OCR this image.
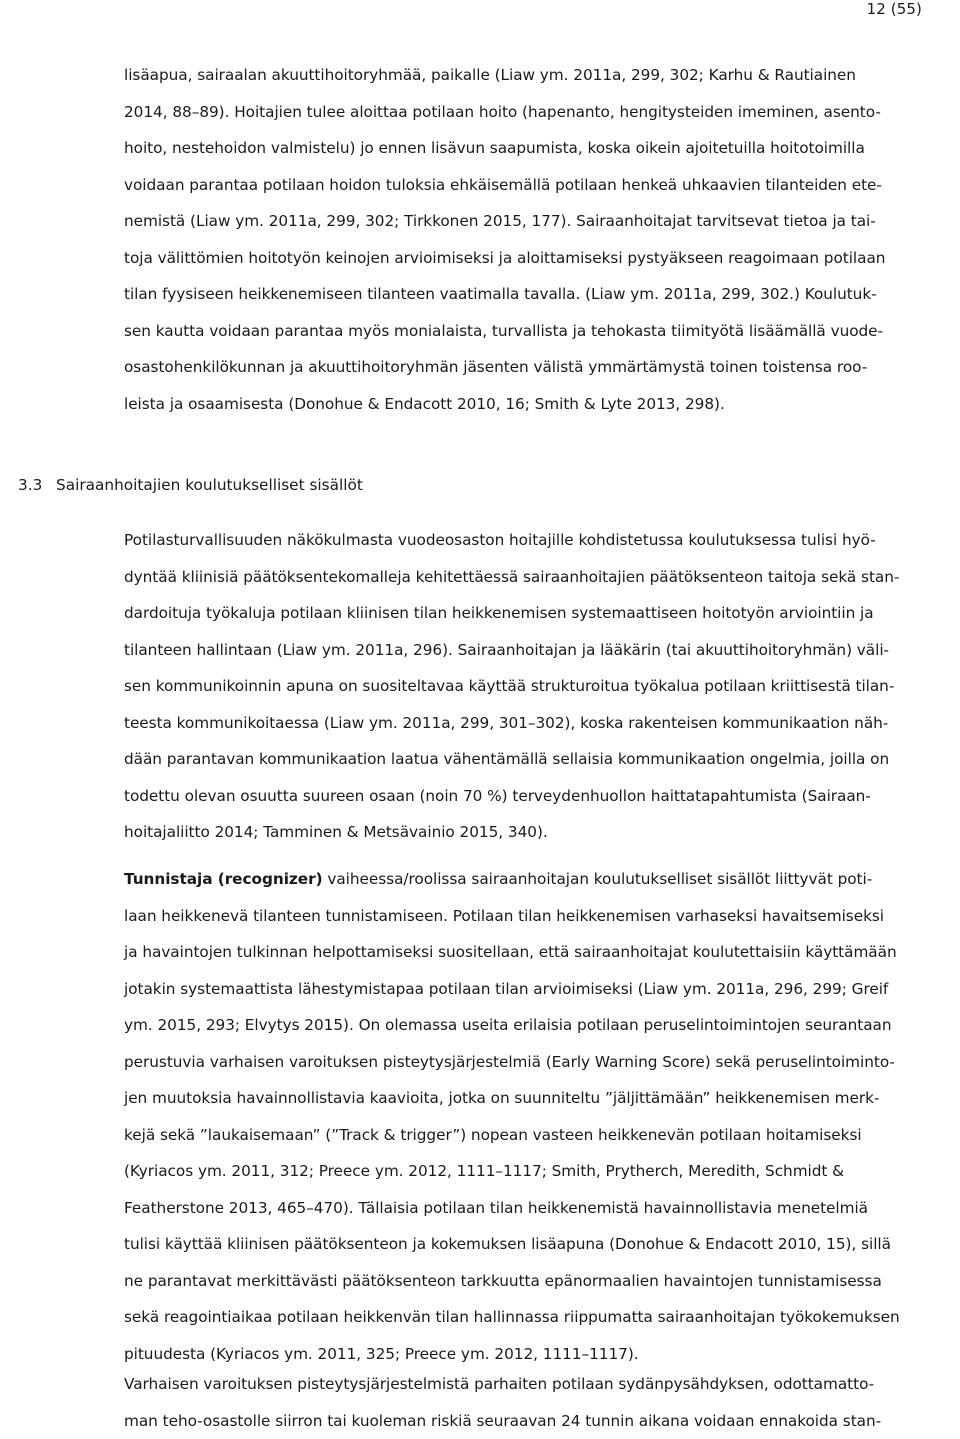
12 (55)
lisäapua, sairaalan akuuttihoitoryhmää, paikalle (Liaw ym. 2011a, 299, 302; Karhu & Rautiainen
2014, 88–89). Hoitajien tulee aloittaa potilaan hoito (hapenanto, hengitysteiden imeminen, asento-
hoito, nestehoidon valmistelu) jo ennen lisävun saapumista, koska oikein ajoitetuilla hoitotoimilla
voidaan parantaa potilaan hoidon tuloksia ehkäisemällä potilaan henkeä uhkaavien tilanteiden ete-
nemistä (Liaw ym. 2011a, 299, 302; Tirkkonen 2015, 177). Sairaanhoitajat tarvitsevat tietoa ja tai-
toja välittömien hoitotyön keinojen arvioimiseksi ja aloittamiseksi pystyäkseen reagoimaan potilaan
tilan fyysiseen heikkenemiseen tilanteen vaatimalla tavalla. (Liaw ym. 2011a, 299, 302.) Koulutuk-
sen kautta voidaan parantaa myös monialaista, turvallista ja tehokasta tiimityötä lisäämällä vuode-
osastohenkilökunnan ja akuuttihoitoryhmän jäsenten välistä ymmärtämystä toinen toistensa roo-
leista ja osaamisesta (Donohue & Endacott 2010, 16; Smith & Lyte 2013, 298).
3.3 Sairaanhoitajien koulutukselliset sisällöt
Potilasturvallisuuden näkökulmasta vuodeosaston hoitajille kohdistetussa koulutuksessa tulisi hyö-
dyntää kliinisiä päätöksentekomalleja kehitettäessä sairaanhoitajien päätöksenteon taitoja sekä stan-
dardoituja työkaluja potilaan kliinisen tilan heikkenemisen systemaattiseen hoitotyön arviointiin ja
tilanteen hallintaan (Liaw ym. 2011a, 296). Sairaanhoitajan ja lääkärin (tai akuuttihoitoryhmän) väli-
sen kommunikoinnin apuna on suositeltavaa käyttää strukturoitua työkalua potilaan kriittisestä tilan-
teesta kommunikoitaessa (Liaw ym. 2011a, 299, 301–302), koska rakenteisen kommunikaation näh-
dään parantavan kommunikaation laatua vähentämällä sellaisia kommunikaation ongelmia, joilla on
todettu olevan osuutta suureen osaan (noin 70 %) terveydenhuollon haittatapahtumista (Sairaan-
hoitajaliitto 2014; Tamminen & Metsävainio 2015, 340).
Tunnistaja (recognizer) vaiheessa/roolissa sairaanhoitajan koulutukselliset sisällöt liittyvät poti-
laan heikkenevä tilanteen tunnistamiseen. Potilaan tilan heikkenemisen varhaseksi havaitsemiseksi
ja havaintojen tulkinnan helpottamiseksi suositellaan, että sairaanhoitajat koulutettaisiin käyttämään
jotakin systemaattista lähestymistapaa potilaan tilan arvioimiseksi (Liaw ym. 2011a, 296, 299; Greif
ym. 2015, 293; Elvytys 2015). On olemassa useita erilaisia potilaan peruselintoimintojen seurantaan
perustuvia varhaisen varoituksen pisteytysjärjestelmiä (Early Warning Score) sekä peruselintoiminto-
jen muutoksia havainnollistavia kaavioita, jotka on suunniteltu ”jäljittämään” heikkenemisen merk-
kejä sekä ”laukaisemaan” (”Track & trigger”) nopean vasteen heikkenevän potilaan hoitamiseksi
(Kyriacos ym. 2011, 312; Preece ym. 2012, 1111–1117; Smith, Prytherch, Meredith, Schmidt &
Featherstone 2013, 465–470). Tällaisia potilaan tilan heikkenemistä havainnollistavia menetelmiä
tulisi käyttää kliinisen päätöksenteon ja kokemuksen lisäapuna (Donohue & Endacott 2010, 15), sillä
ne parantavat merkittävästi päätöksenteon tarkkuutta epänormaalien havaintojen tunnistamisessa
sekä reagointiaikaa potilaan heikkenvän tilan hallinnassa riippumatta sairaanhoitajan työkokemuksen
pituudesta (Kyriacos ym. 2011, 325; Preece ym. 2012, 1111–1117).
Varhaisen varoituksen pisteytysjärjestelmistä parhaiten potilaan sydänpysähdyksen, odottamatto-
man teho-osastolle siirron tai kuoleman riskiä seuraavan 24 tunnin aikana voidaan ennakoida stan-
